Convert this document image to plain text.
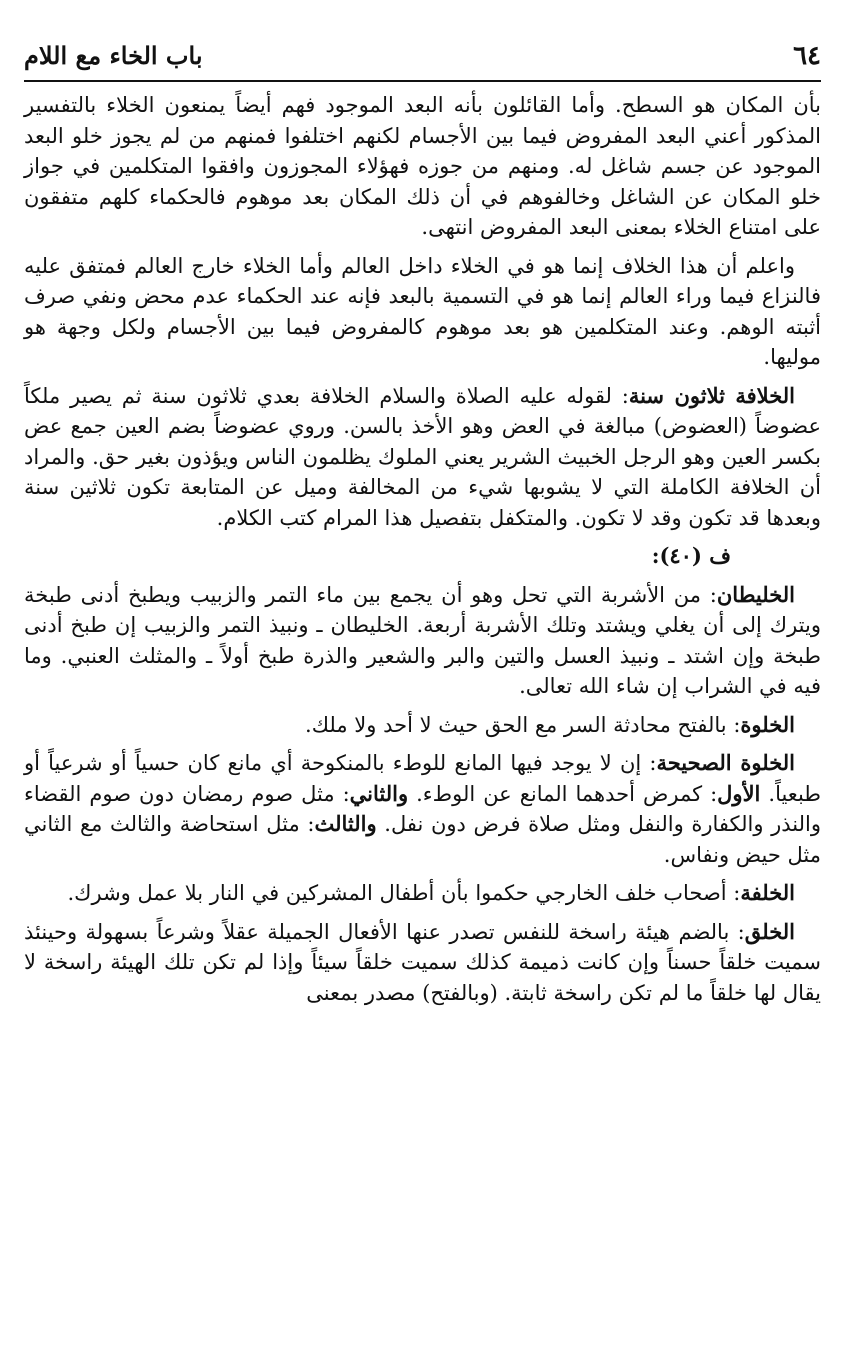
٦٤
باب الخاء مع اللام

بأن المكان هو السطح. وأما القائلون بأنه البعد الموجود فهم أيضاً يمنعون الخلاء بالتفسير المذكور أعني البعد المفروض فيما بين الأجسام لكنهم اختلفوا فمنهم من لم يجوز خلو البعد الموجود عن جسم شاغل له. ومنهم من جوزه فهؤلاء المجوزون وافقوا المتكلمين في جواز خلو المكان عن الشاغل وخالفوهم في أن ذلك المكان بعد موهوم فالحكماء كلهم متفقون على امتناع الخلاء بمعنى البعد المفروض انتهى.

واعلم أن هذا الخلاف إنما هو في الخلاء داخل العالم وأما الخلاء خارج العالم فمتفق عليه فالنزاع فيما وراء العالم إنما هو في التسمية بالبعد فإنه عند الحكماء عدم محض ونفي صرف أثبته الوهم. وعند المتكلمين هو بعد موهوم كالمفروض فيما بين الأجسام ولكل وجهة هو موليها.

الخلافة ثلاثون سنة: لقوله عليه الصلاة والسلام الخلافة بعدي ثلاثون سنة ثم يصير ملكاً عضوضاً (العضوض) مبالغة في العض وهو الأخذ بالسن. وروي عضوضاً بضم العين جمع عض بكسر العين وهو الرجل الخبيث الشرير يعني الملوك يظلمون الناس ويؤذون بغير حق. والمراد أن الخلافة الكاملة التي لا يشوبها شيء من المخالفة وميل عن المتابعة تكون ثلاثين سنة وبعدها قد تكون وقد لا تكون. والمتكفل بتفصيل هذا المرام كتب الكلام.

ف (٤٠):

الخليطان: من الأشربة التي تحل وهو أن يجمع بين ماء التمر والزبيب ويطبخ أدنى طبخة ويترك إلى أن يغلي ويشتد وتلك الأشربة أربعة. الخليطان ـ ونبيذ التمر والزبيب إن طبخ أدنى طبخة وإن اشتد ـ ونبيذ العسل والتين والبر والشعير والذرة طبخ أولاً ـ والمثلث العنبي. وما فيه في الشراب إن شاء الله تعالى.

الخلوة: بالفتح محادثة السر مع الحق حيث لا أحد ولا ملك.

الخلوة الصحيحة: إن لا يوجد فيها المانع للوطء بالمنكوحة أي مانع كان حسياً أو شرعياً أو طبعياً. الأول: كمرض أحدهما المانع عن الوطء. والثاني: مثل صوم رمضان دون صوم القضاء والنذر والكفارة والنفل ومثل صلاة فرض دون نفل. والثالث: مثل استحاضة والثالث مع الثاني مثل حيض ونفاس.

الخلفة: أصحاب خلف الخارجي حكموا بأن أطفال المشركين في النار بلا عمل وشرك.

الخلق: بالضم هيئة راسخة للنفس تصدر عنها الأفعال الجميلة عقلاً وشرعاً بسهولة وحينئذ سميت خلقاً حسناً وإن كانت ذميمة كذلك سميت خلقاً سيئاً وإذا لم تكن تلك الهيئة راسخة لا يقال لها خلقاً ما لم تكن راسخة ثابتة. (وبالفتح) مصدر بمعنى
